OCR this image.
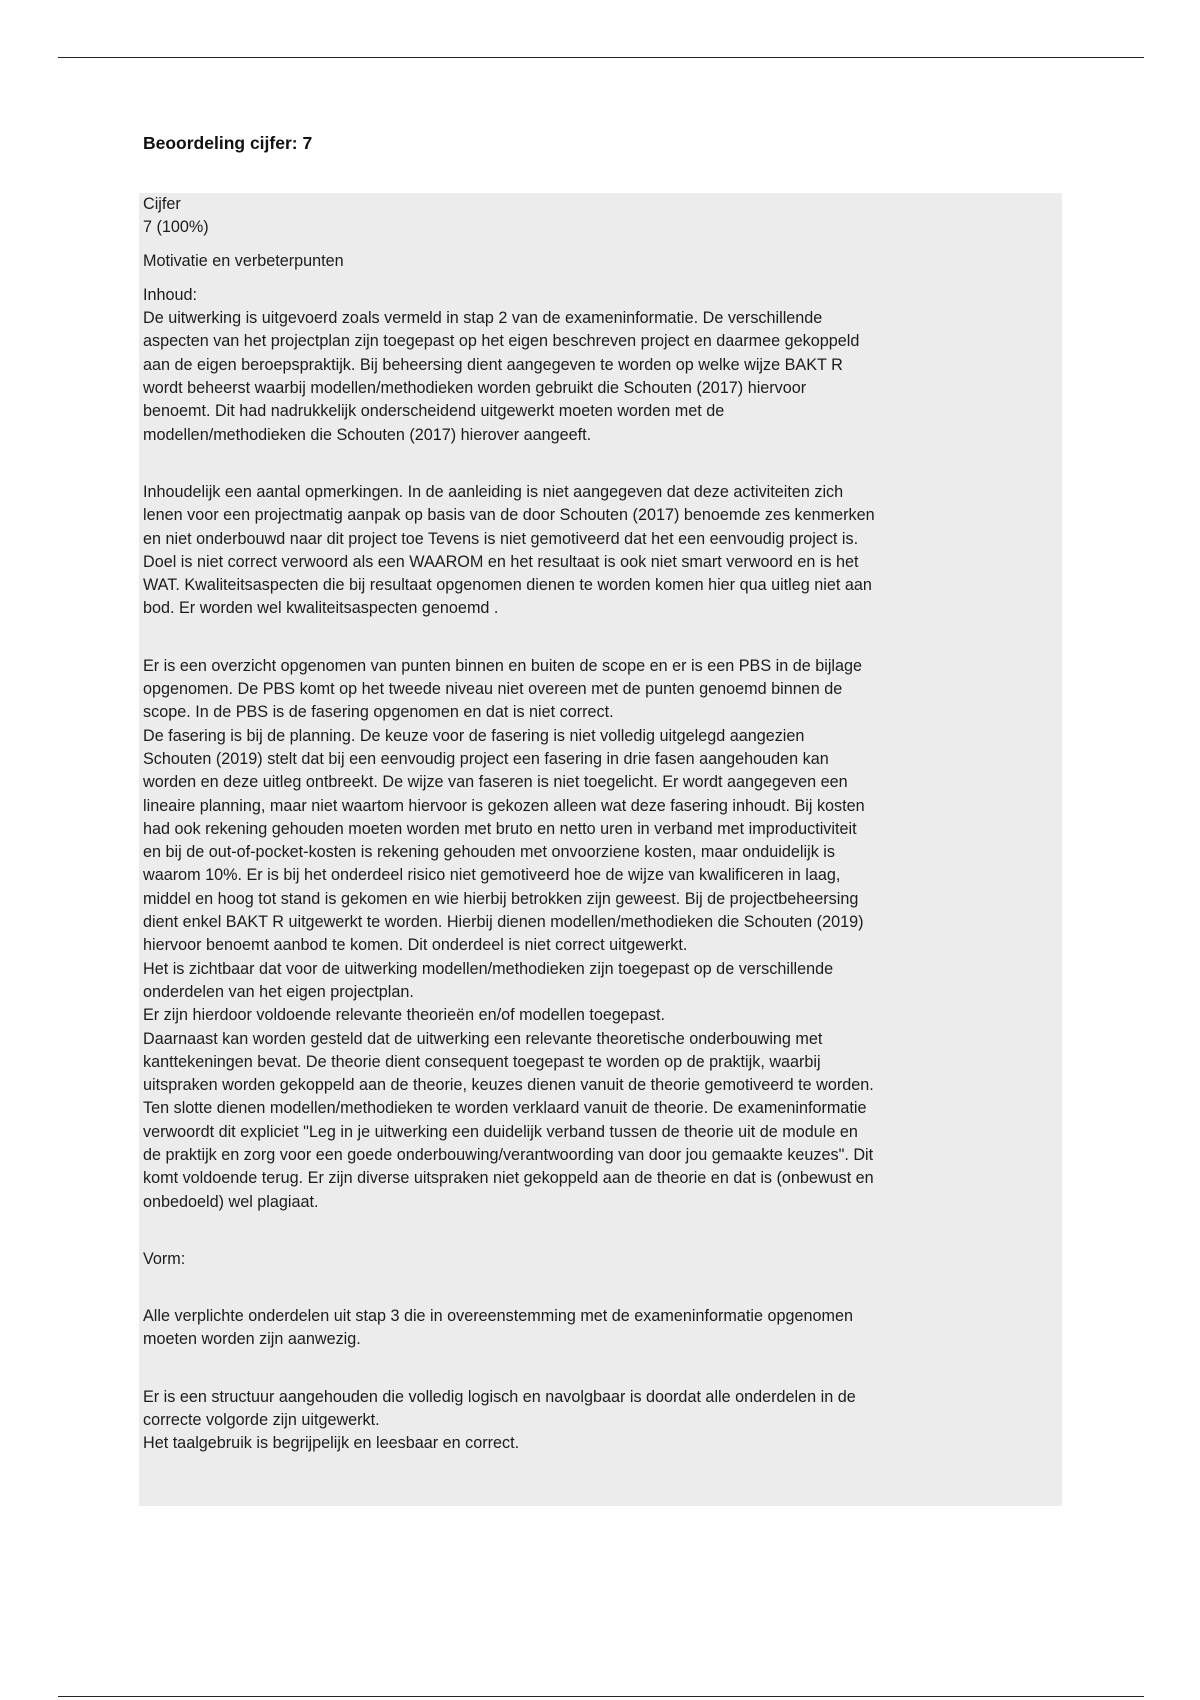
Beoordeling cijfer: 7
Cijfer
7 (100%)
Motivatie en verbeterpunten
Inhoud:
De uitwerking is uitgevoerd zoals vermeld in stap 2 van de exameninformatie. De verschillende
aspecten van het projectplan zijn toegepast op het eigen beschreven project en daarmee gekoppeld
aan de eigen beroepspraktijk. Bij beheersing dient aangegeven te worden op welke wijze BAKT R
wordt beheerst waarbij modellen/methodieken worden gebruikt die Schouten (2017) hiervoor
benoemt. Dit had nadrukkelijk onderscheidend uitgewerkt moeten worden met de
modellen/methodieken die Schouten (2017) hierover aangeeft.
Inhoudelijk een aantal opmerkingen. In de aanleiding is niet aangegeven dat deze activiteiten zich
lenen voor een projectmatig aanpak op basis van de door Schouten (2017) benoemde zes kenmerken
en niet onderbouwd naar dit project toe Tevens is niet gemotiveerd dat het een eenvoudig project is.
Doel is niet correct verwoord als een WAAROM en het resultaat is ook niet smart verwoord en is het
WAT. Kwaliteitsaspecten die bij resultaat opgenomen dienen te worden komen hier qua uitleg niet aan
bod. Er worden wel kwaliteitsaspecten genoemd .
Er is een overzicht opgenomen van punten binnen en buiten de scope en er is een PBS in de bijlage
opgenomen. De PBS komt op het tweede niveau niet overeen met de punten genoemd binnen de
scope. In de PBS is de fasering opgenomen en dat is niet correct.
De fasering is bij de planning. De keuze voor de fasering is niet volledig uitgelegd aangezien
Schouten (2019) stelt dat bij een eenvoudig project een fasering in drie fasen aangehouden kan
worden en deze uitleg ontbreekt. De wijze van faseren is niet toegelicht. Er wordt aangegeven een
lineaire planning, maar niet waartom hiervoor is gekozen alleen wat deze fasering inhoudt. Bij kosten
had ook rekening gehouden moeten worden met bruto en netto uren in verband met improductiviteit
en bij de out-of-pocket-kosten is rekening gehouden met onvoorziene kosten, maar onduidelijk is
waarom 10%. Er is bij het onderdeel risico niet gemotiveerd hoe de wijze van kwalificeren in laag,
middel en hoog tot stand is gekomen en wie hierbij betrokken zijn geweest. Bij de projectbeheersing
dient enkel BAKT R uitgewerkt te worden. Hierbij dienen modellen/methodieken die Schouten (2019)
hiervoor benoemt aanbod te komen. Dit onderdeel is niet correct uitgewerkt.
Het is zichtbaar dat voor de uitwerking modellen/methodieken zijn toegepast op de verschillende
onderdelen van het eigen projectplan.
Er zijn hierdoor voldoende relevante theorieën en/of modellen toegepast.
Daarnaast kan worden gesteld dat de uitwerking een relevante theoretische onderbouwing met
kanttekeningen bevat. De theorie dient consequent toegepast te worden op de praktijk, waarbij
uitspraken worden gekoppeld aan de theorie, keuzes dienen vanuit de theorie gemotiveerd te worden.
Ten slotte dienen modellen/methodieken te worden verklaard vanuit de theorie. De exameninformatie
verwoordt dit expliciet "Leg in je uitwerking een duidelijk verband tussen de theorie uit de module en
de praktijk en zorg voor een goede onderbouwing/verantwoording van door jou gemaakte keuzes". Dit
komt voldoende terug. Er zijn diverse uitspraken niet gekoppeld aan de theorie en dat is (onbewust en
onbedoeld) wel plagiaat.
Vorm:
Alle verplichte onderdelen uit stap 3 die in overeenstemming met de exameninformatie opgenomen
moeten worden zijn aanwezig.
Er is een structuur aangehouden die volledig logisch en navolgbaar is doordat alle onderdelen in de
correcte volgorde zijn uitgewerkt.
Het taalgebruik is begrijpelijk en leesbaar en correct.
